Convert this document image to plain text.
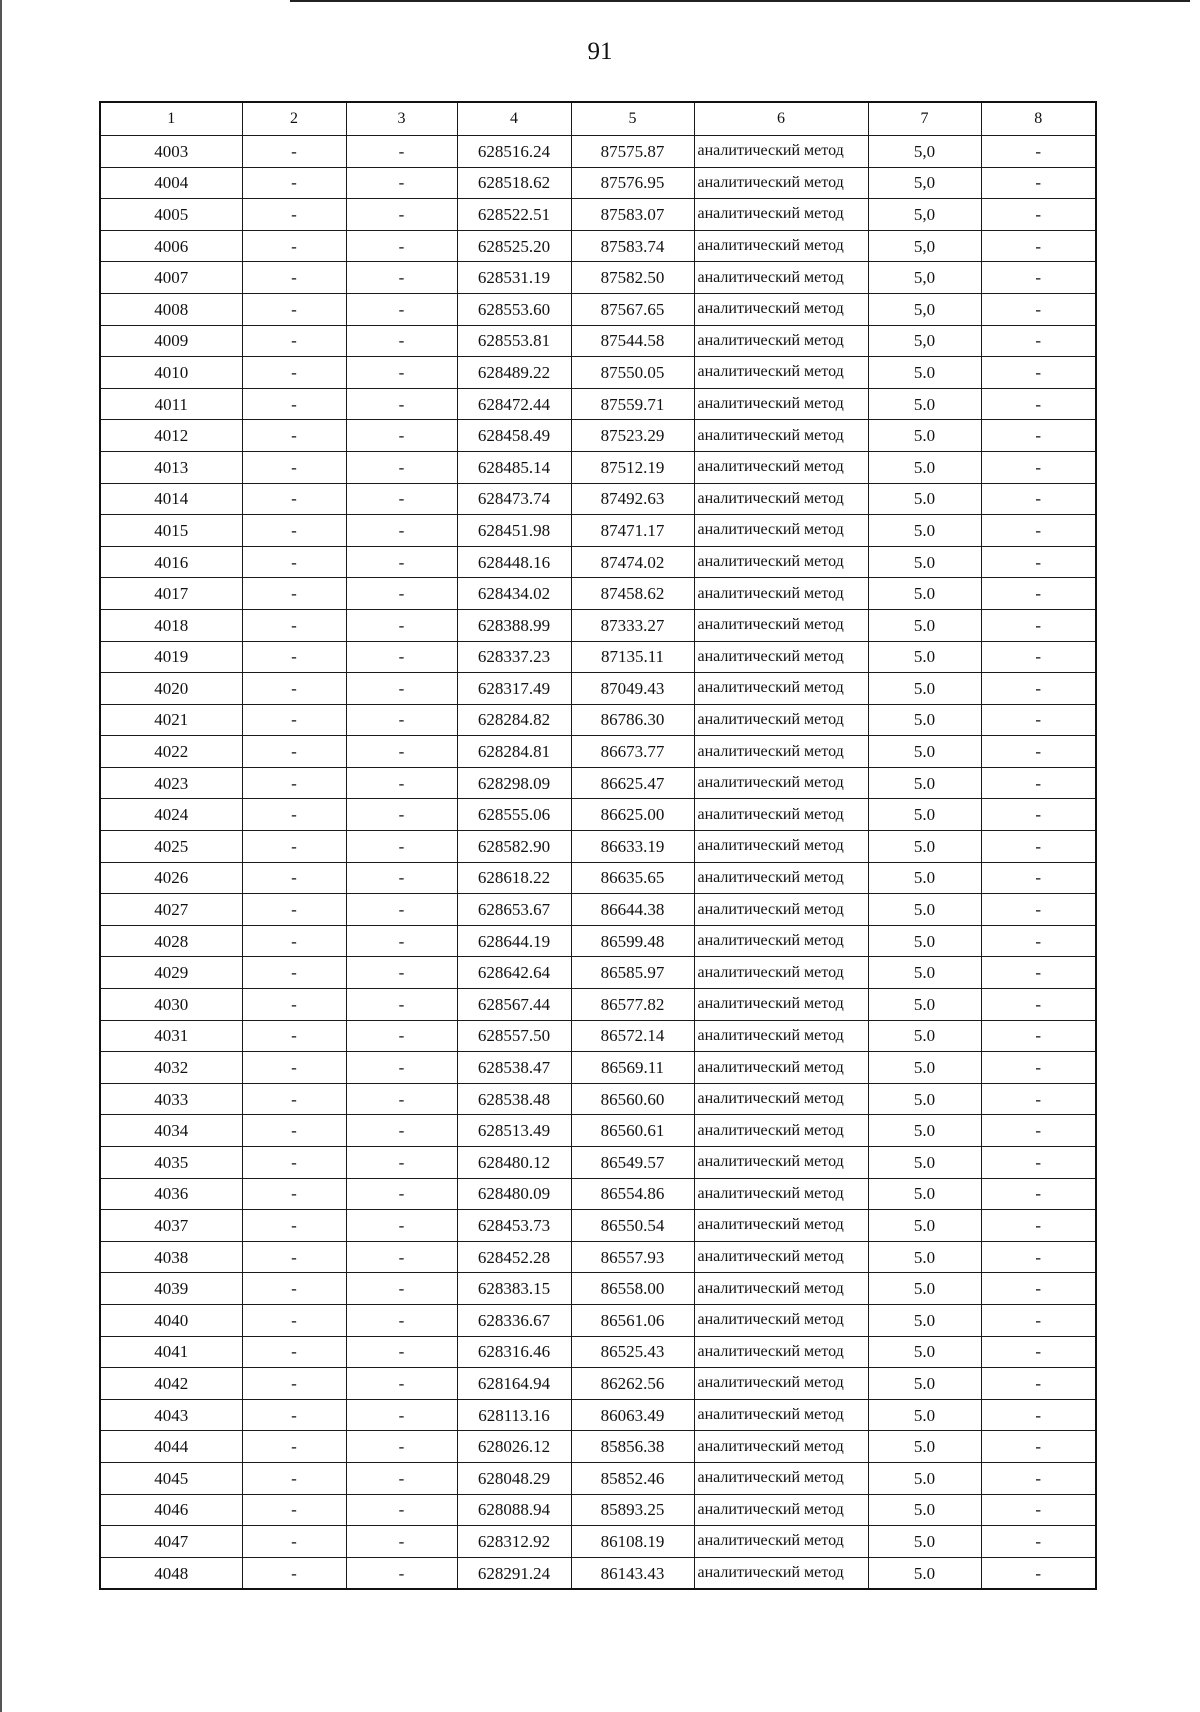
91
1	2	3	4	5	6	7	8
4003	-	-	628516.24	87575.87	аналитический метод	5,0	-
4004	-	-	628518.62	87576.95	аналитический метод	5,0	-
4005	-	-	628522.51	87583.07	аналитический метод	5,0	-
4006	-	-	628525.20	87583.74	аналитический метод	5,0	-
4007	-	-	628531.19	87582.50	аналитический метод	5,0	-
4008	-	-	628553.60	87567.65	аналитический метод	5,0	-
4009	-	-	628553.81	87544.58	аналитический метод	5,0	-
4010	-	-	628489.22	87550.05	аналитический метод	5.0	-
4011	-	-	628472.44	87559.71	аналитический метод	5.0	-
4012	-	-	628458.49	87523.29	аналитический метод	5.0	-
4013	-	-	628485.14	87512.19	аналитический метод	5.0	-
4014	-	-	628473.74	87492.63	аналитический метод	5.0	-
4015	-	-	628451.98	87471.17	аналитический метод	5.0	-
4016	-	-	628448.16	87474.02	аналитический метод	5.0	-
4017	-	-	628434.02	87458.62	аналитический метод	5.0	-
4018	-	-	628388.99	87333.27	аналитический метод	5.0	-
4019	-	-	628337.23	87135.11	аналитический метод	5.0	-
4020	-	-	628317.49	87049.43	аналитический метод	5.0	-
4021	-	-	628284.82	86786.30	аналитический метод	5.0	-
4022	-	-	628284.81	86673.77	аналитический метод	5.0	-
4023	-	-	628298.09	86625.47	аналитический метод	5.0	-
4024	-	-	628555.06	86625.00	аналитический метод	5.0	-
4025	-	-	628582.90	86633.19	аналитический метод	5.0	-
4026	-	-	628618.22	86635.65	аналитический метод	5.0	-
4027	-	-	628653.67	86644.38	аналитический метод	5.0	-
4028	-	-	628644.19	86599.48	аналитический метод	5.0	-
4029	-	-	628642.64	86585.97	аналитический метод	5.0	-
4030	-	-	628567.44	86577.82	аналитический метод	5.0	-
4031	-	-	628557.50	86572.14	аналитический метод	5.0	-
4032	-	-	628538.47	86569.11	аналитический метод	5.0	-
4033	-	-	628538.48	86560.60	аналитический метод	5.0	-
4034	-	-	628513.49	86560.61	аналитический метод	5.0	-
4035	-	-	628480.12	86549.57	аналитический метод	5.0	-
4036	-	-	628480.09	86554.86	аналитический метод	5.0	-
4037	-	-	628453.73	86550.54	аналитический метод	5.0	-
4038	-	-	628452.28	86557.93	аналитический метод	5.0	-
4039	-	-	628383.15	86558.00	аналитический метод	5.0	-
4040	-	-	628336.67	86561.06	аналитический метод	5.0	-
4041	-	-	628316.46	86525.43	аналитический метод	5.0	-
4042	-	-	628164.94	86262.56	аналитический метод	5.0	-
4043	-	-	628113.16	86063.49	аналитический метод	5.0	-
4044	-	-	628026.12	85856.38	аналитический метод	5.0	-
4045	-	-	628048.29	85852.46	аналитический метод	5.0	-
4046	-	-	628088.94	85893.25	аналитический метод	5.0	-
4047	-	-	628312.92	86108.19	аналитический метод	5.0	-
4048	-	-	628291.24	86143.43	аналитический метод	5.0	-
